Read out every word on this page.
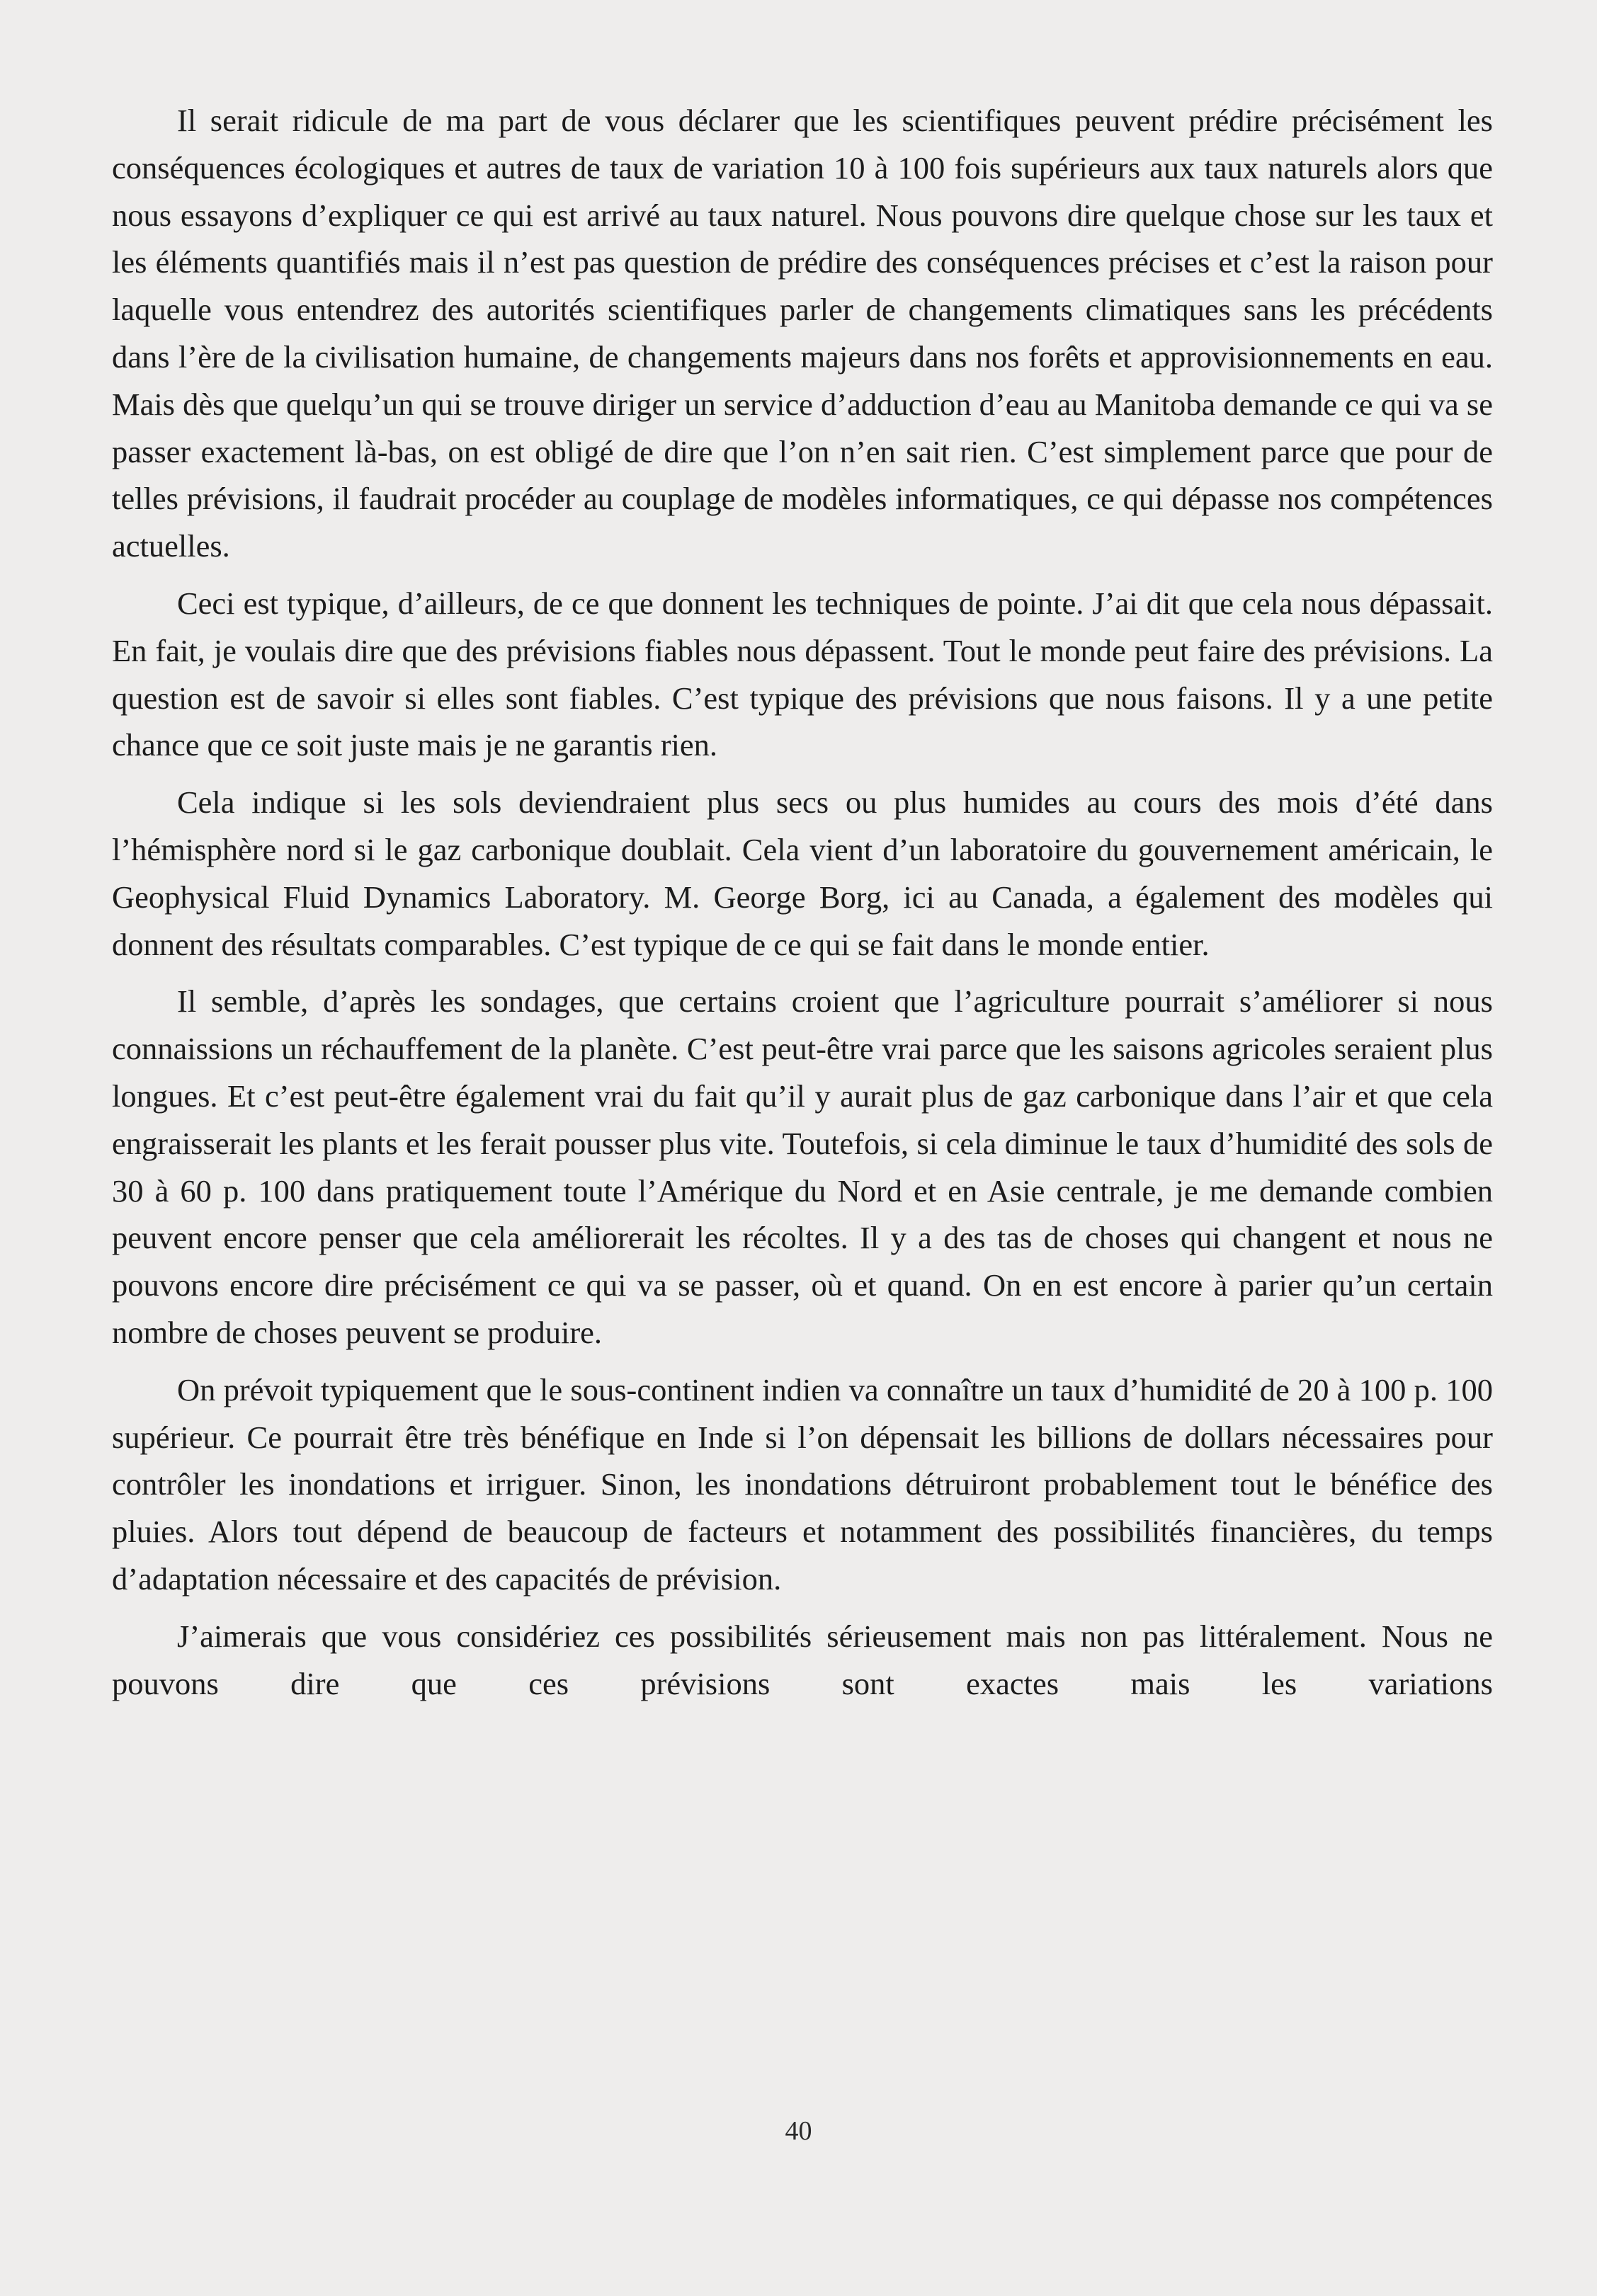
Il serait ridicule de ma part de vous déclarer que les scientifiques peuvent prédire précisément les conséquences écologiques et autres de taux de variation 10 à 100 fois supérieurs aux taux naturels alors que nous essayons d’expliquer ce qui est arrivé au taux naturel. Nous pouvons dire quelque chose sur les taux et les éléments quantifiés mais il n’est pas question de prédire des conséquences précises et c’est la raison pour laquelle vous entendrez des autorités scientifiques parler de changements climatiques sans les précédents dans l’ère de la civilisation humaine, de changements majeurs dans nos forêts et approvisionnements en eau. Mais dès que quelqu’un qui se trouve diriger un service d’adduction d’eau au Manitoba demande ce qui va se passer exactement là-bas, on est obligé de dire que l’on n’en sait rien. C’est simplement parce que pour de telles prévisions, il faudrait procéder au couplage de modèles informatiques, ce qui dépasse nos compétences actuelles.

Ceci est typique, d’ailleurs, de ce que donnent les techniques de pointe. J’ai dit que cela nous dépassait. En fait, je voulais dire que des prévisions fiables nous dépassent. Tout le monde peut faire des prévisions. La question est de savoir si elles sont fiables. C’est typique des prévisions que nous faisons. Il y a une petite chance que ce soit juste mais je ne garantis rien.

Cela indique si les sols deviendraient plus secs ou plus humides au cours des mois d’été dans l’hémisphère nord si le gaz carbonique doublait. Cela vient d’un laboratoire du gouvernement américain, le Geophysical Fluid Dynamics Laboratory. M. George Borg, ici au Canada, a également des modèles qui donnent des résultats comparables. C’est typique de ce qui se fait dans le monde entier.

Il semble, d’après les sondages, que certains croient que l’agriculture pourrait s’améliorer si nous connaissions un réchauffement de la planète. C’est peut-être vrai parce que les saisons agricoles seraient plus longues. Et c’est peut-être également vrai du fait qu’il y aurait plus de gaz carbonique dans l’air et que cela engraisserait les plants et les ferait pousser plus vite. Toutefois, si cela diminue le taux d’humidité des sols de 30 à 60 p. 100 dans pratiquement toute l’Amérique du Nord et en Asie centrale, je me demande combien peuvent encore penser que cela améliorerait les récoltes. Il y a des tas de choses qui changent et nous ne pouvons encore dire précisément ce qui va se passer, où et quand. On en est encore à parier qu’un certain nombre de choses peuvent se produire.

On prévoit typiquement que le sous-continent indien va connaître un taux d’humidité de 20 à 100 p. 100 supérieur. Ce pourrait être très bénéfique en Inde si l’on dépensait les billions de dollars nécessaires pour contrôler les inondations et irriguer. Sinon, les inondations détruiront probablement tout le bénéfice des pluies. Alors tout dépend de beaucoup de facteurs et notamment des possibilités financières, du temps d’adaptation nécessaire et des capacités de prévision.

J’aimerais que vous considériez ces possibilités sérieusement mais non pas littéralement. Nous ne pouvons dire que ces prévisions sont exactes mais les variations

40
